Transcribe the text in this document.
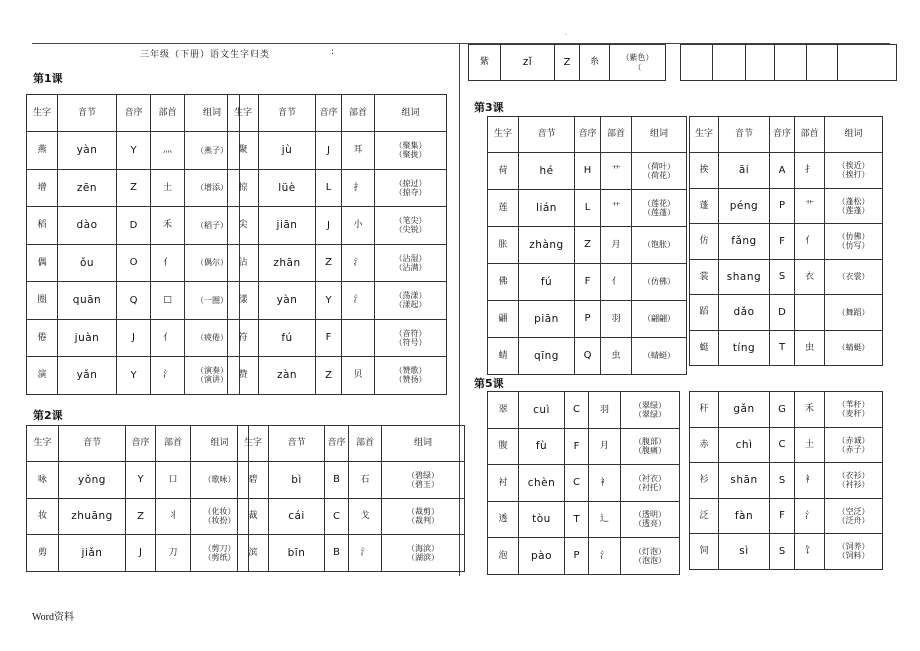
.
三年级（下册）语文生字归类	:
第1课
第2课
第3课
第5课
Word资料
生字	音节	音序	部首	组词
燕	yàn	Y	灬	（燕子）

增	zēn	Z	土	（增添）

稻	dào	D	禾	（稻子）

偶	ǒu	O	亻	（偶尔）

圈	quān	Q	□	（一圈）

倦	juàn	J	亻	（疲倦）

演	yǎn	Y	氵	（演奏）
（演讲）
生字	音节	音序	部首	组词
聚	jù	J	耳	（聚集）
（聚拢）

掠	lüè	L	扌	（掠过）
（掠夺）

尖	jiān	J	小	（笔尖）
（尖锐）

沾	zhān	Z	氵	（沾湿）
（沾满）

漾	yàn	Y	氵	（荡漾）
（漾起）

符	fú	F		（音符）
（符号）

赞	zàn	Z	贝	（赞歌）
（赞扬）
生字	音节	音序	部首	组词
咏	yǒng	Y	口	（歌咏）

妆	zhuāng	Z	丬	（化妆）
（妆扮）

剪	jiǎn	J	刀	（剪刀）
（剪纸）
生字	音节	音序	部首	组词
碧	bì	B	石	（碧绿）
（碧玉）

裁	cái	C	戈	（裁剪）
（裁判）

滨	bīn	B	氵	（海滨）
（湖滨）
紫	zǐ	Z	糸	（紫色）
（

生字	音节	音序	部首	组词
荷	hé	H	艹	（荷叶）
（荷花）

莲	lián	L	艹	（莲花）
（莲蓬）

胀	zhàng	Z	月	（饱胀）

佛	fú	F	亻	（仿佛）

翩	piān	P	羽	（翩翩）

蜻	qīng	Q	虫	（蜻蜓）
生字	音节	音序	部首	组词
挨	āi	A	扌	（挨近）
（挨打）

蓬	péng	P	艹	（蓬松）
（莲蓬）

仿	fǎng	F	亻	（仿佛）
（仿写）

裳	shang	S	衣	（衣裳）

蹈	dǎo	D		（舞蹈）

蜓	tíng	T	虫	（蜻蜓）
翠	cuì	C	羽	（翠绿）
（翠绿）

腹	fù	F	月	（腹部）
（腹痛）

衬	chèn	C	衤	（衬衣）
（衬托）

透	tòu	T	辶	（透明）
（透亮）

泡	pào	P	氵	（灯泡）
（泡泡）
秆	gǎn	G	禾	（苇秆）
（麦秆）

赤	chì	C	土	（赤诚）
（赤子）

衫	shān	S	衤	（衣衫）
（衬衫）

泛	fàn	F	氵	（空泛）
（泛舟）

饲	sì	S	饣	（饲养）
（饲料）
